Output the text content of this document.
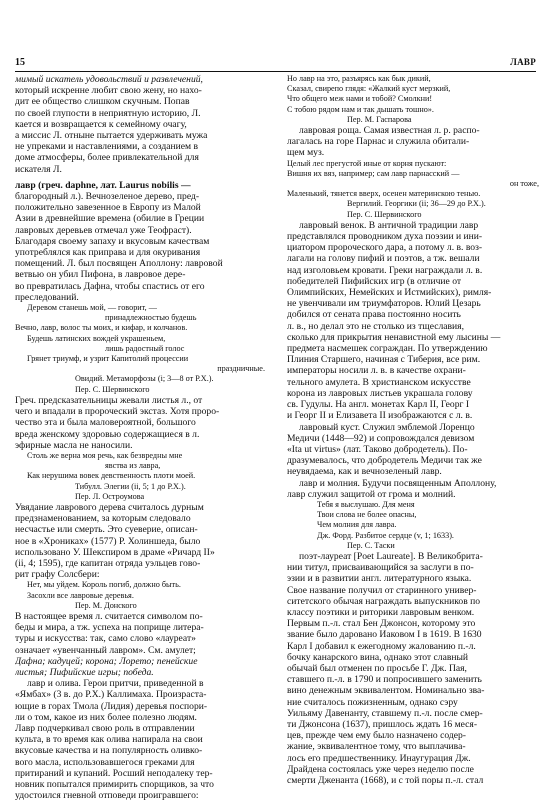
15	ЛАВР
мимый искатель удовольствий и развлечений,
который искренне любит свою жену, но нахо-
дит ее общество слишком скучным. Попав
по своей глупости в неприятную историю, Л.
кается и возвращается к семейному очагу,
а миссис Л. отныне пытается удерживать мужа
не упреками и наставлениями, а созданием в
доме атмосферы, более привлекательной для
искателя Л.
лавр (греч. daphne, лат. Laurus nobilis —
благородный л.). Вечнозеленое дерево, пред-
положительно завезенное в Европу из Малой
Азии в древнейшие времена (обилие в Греции
лавровых деревьев отмечал уже Теофраст).
Благодаря своему запаху и вкусовым качествам
употреблялся как приправа и для окуривания
помещений. Л. был посвящен Аполлону: лавровой
ветвью он убил Пифона, в лавровое дере-
во превратилась Дафна, чтобы спастись от его
преследований.
Деревом станешь мой, — говорит, —
принадлежностью будешь
Вечно, лавр, волос ты моих, и кифар, и колчанов.
Будешь латинских вождей украшеньем,
лишь радостный голос
Грянет триумф, и узрит Капитолий процессии
праздничные.
Овидий. Метаморфозы (i; 3—8 от Р.Х.).
Пер. С. Шервинского
Греч. предсказательницы жевали листья л., от
чего и впадали в пророческий экстаз. Хотя проро-
чество эта и была маловероятной, большого
вреда женскому здоровью содержащиеся в л.
эфирные масла не наносили.
Столь же верна моя речь, как безвредны мне
явства из лавра,
Как нерушима вовек девственность плоти моей.
Тибулл. Элегии (ii, 5; 1 до Р.Х.).
Пер. Л. Остроумова
Увядание лаврового дерева считалось дурным
предзнаменованием, за которым следовало
несчастье или смерть. Это суеверие, описан-
ное в «Хрониках» (1577) Р. Холиншеда, было
использовано У. Шекспиром в драме «Ричард II»
(ii, 4; 1595), где капитан отряда уэльцев гово-
рит графу Солсбери:
Нет, мы уйдем. Король погиб, должно быть.
Засохли все лавровые деревья.
Пер. М. Донского
В настоящее время л. считается символом по-
беды и мира, а тж. успеха на поприще литера-
туры и искусства: так, само слово «лауреат»
означает «увенчанный лавром». См. амулет;
Дафна; кадуцей; корона; Лорето; пенейские
листья; Пифийские игры; победа.
лавр и олива. Герои притчи, приведенной в
«Ямбах» (3 в. до Р.Х.) Каллимаха. Произраста-
ющие в горах Тмола (Лидия) деревья поспори-
ли о том, какое из них более полезно людям.
Лавр подчеркивал свою роль в отправлении
культа, в то время как олива напирала на свои
вкусовые качества и на популярность оливко-
вого масла, использовавшегося греками для
притираний и купаний. Росший неподалеку тер-
новник попытался примирить спорщиков, за что
удостоился гневной отповеди проигравшего:
Но лавр на это, разъярясь как бык дикий,
Сказал, свирепо глядя: «Жалкий куст мерзкий,
Что общего меж нами и тобой? Смолкни!
С тобою рядом нам и так дышать тошно».
Пер. М. Гаспарова
лавровая роща. Самая известная л. р. распо-
лагалась на горе Парнас и служила обитали-
щем муз.
Целый лес прегустой иные от корня пускают:
Вишня их вяз, например; сам лавр парнасский —
он тоже,
Маленький, тянется вверх, осенен материнскою тенью.
Вергилий. Георгики (ii; 36—29 до Р.Х.).
Пер. С. Шервинского
лавровый венок. В античной традиции лавр
представлялся проводником духа поэзии и ини-
циатором пророческого дара, а потому л. в. воз-
лагали на голову пифий и поэтов, а тж. вешали
над изголовьем кровати. Греки награждали л. в.
победителей Пифийских игр (в отличие от
Олимпийских, Немейских и Истмийских), римля-
не увенчивали им триумфаторов. Юлий Цезарь
добился от сената права постоянно носить
л. в., но делал это не столько из тщеславия,
сколько для прикрытия ненавистной ему лысины —
предмета насмешек сограждан. По утверждению
Плиния Старшего, начиная с Тиберия, все рим.
императоры носили л. в. в качестве охрани-
тельного амулета. В христианском искусстве
корона из лавровых листьев украшала голову
св. Гудулы. На англ. монетах Карл II, Георг I
и Георг II и Елизавета II изображаются с л. в.
лавровый куст. Служил эмблемой Лоренцо
Медичи (1448—92) и сопровождался девизом
«Ita ut virtus» (лат. Таково добродетель). По-
дразумевалось, что добродетель Медичи так же
неувядаема, как и вечнозеленый лавр.
лавр и молния. Будучи посвященным Аполлону,
лавр служил защитой от грома и молний.
Тебя я выслушаю. Для меня
Твои слова не более опасны,
Чем молния для лавра.
Дж. Форд. Разбитое сердце (v, 1; 1633).
Пер. С. Таски
поэт-лауреат [Poet Laureate]. В Великобрита-
нии титул, присваивающийся за заслуги в по-
эзии и в развитии англ. литературного языка.
Свое название получил от старинного универ-
ситетского обычая награждать выпускников по
классу поэтики и риторики лавровым венком.
Первым п.-л. стал Бен Джонсон, которому это
звание было даровано Иаковом I в 1619. В 1630
Карл I добавил к ежегодному жалованию п.-л.
бочку канарского вина, однако этот славный
обычай был отменен по просьбе Г. Дж. Пая,
ставшего п.-л. в 1790 и попросившего заменить
вино денежным эквивалентом. Номинально зва-
ние считалось пожизненным, однако сэру
Уильяму Давенанту, ставшему п.-л. после смер-
ти Джонсона (1637), пришлось ждать 16 меся-
цев, прежде чем ему было назначено содер-
жание, эквивалентное тому, что выплачива-
лось его предшественнику. Инаугурация Дж.
Драйдена состоялась уже через неделю после
смерти Дженанта (1668), и с той поры п.-л. стал
